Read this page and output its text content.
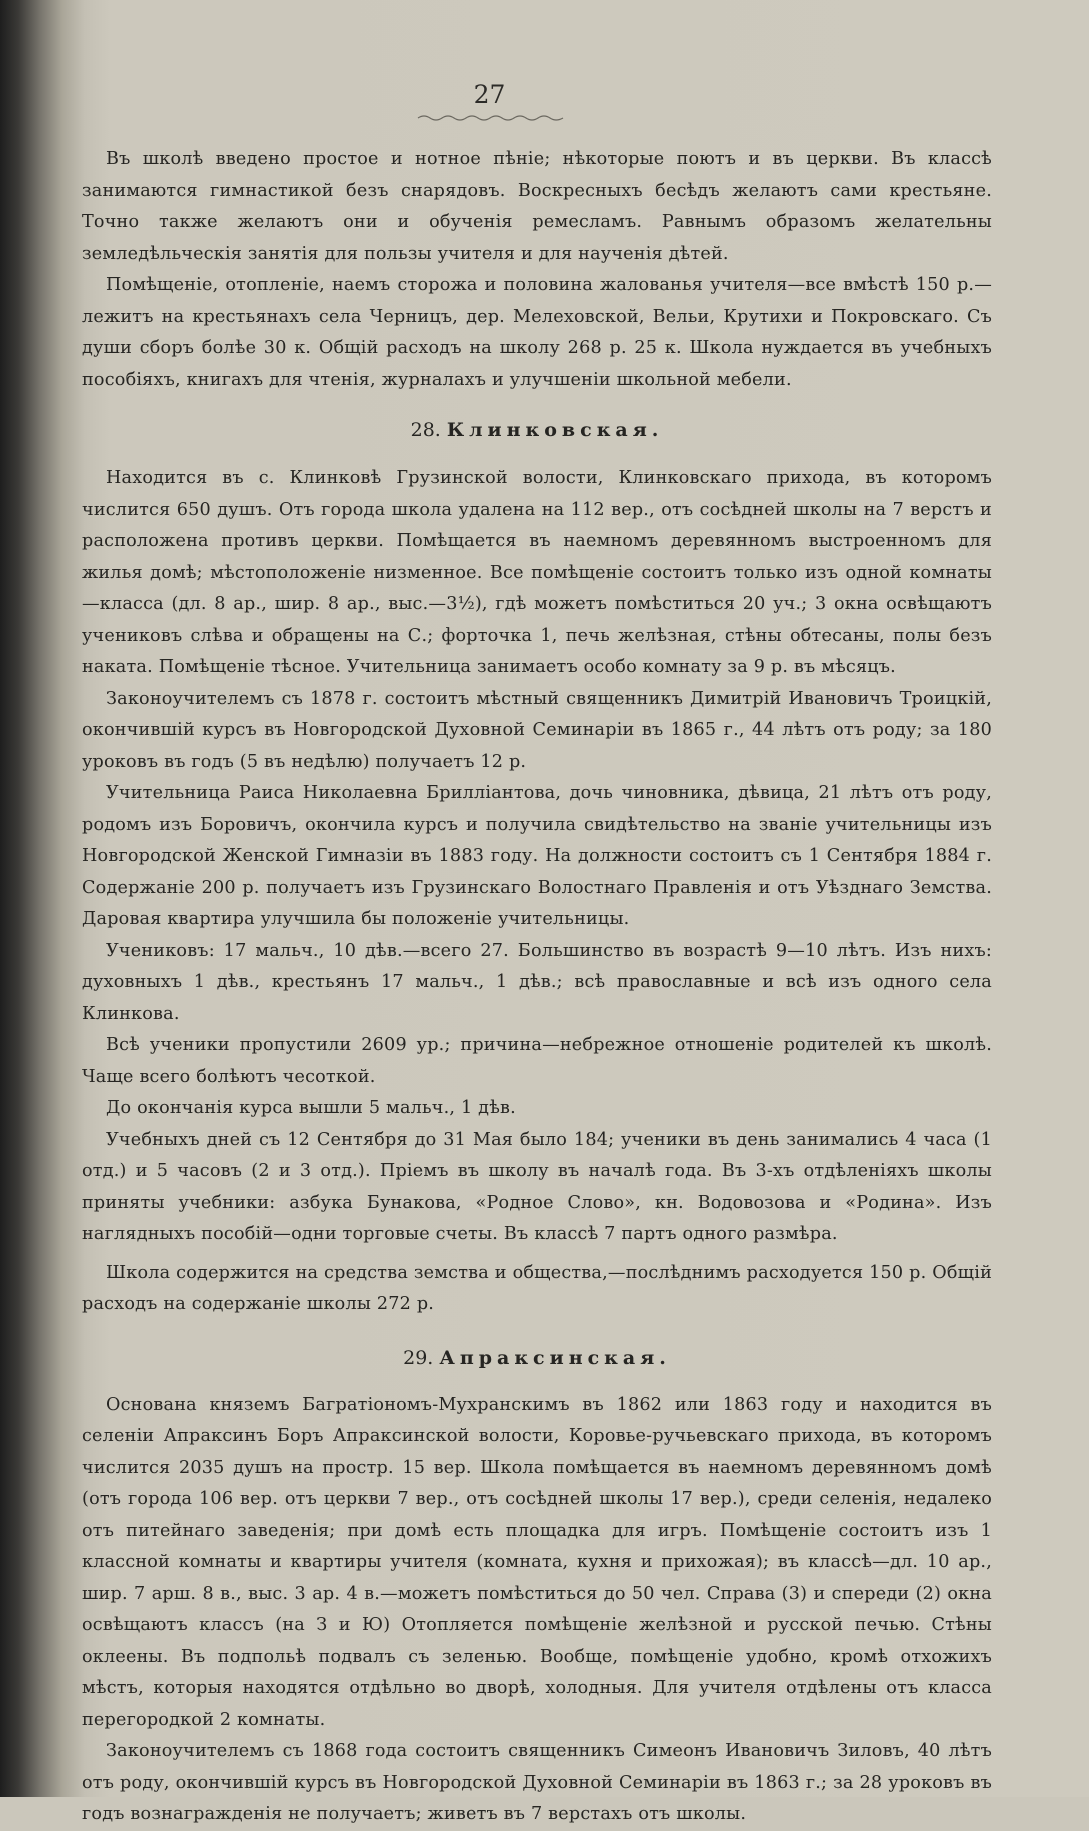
27

Въ школѣ введено простое и нотное пѣніе; нѣкоторые поютъ и въ церкви. Въ классѣ занимаются гимнастикой безъ снарядовъ. Воскресныхъ бесѣдъ желаютъ сами крестьяне. Точно также желаютъ они и обученія ремесламъ. Равнымъ образомъ желательны земледѣльческія занятія для пользы учителя и для наученія дѣтей.

Помѣщеніе, отопленіе, наемъ сторожа и половина жалованья учителя—все вмѣстѣ 150 р.—лежитъ на крестьянахъ села Черницъ, дер. Мелеховской, Вельи, Крутихи и Покровскаго. Съ души сборъ болѣе 30 к. Общій расходъ на школу 268 р. 25 к. Школа нуждается въ учебныхъ пособіяхъ, книгахъ для чтенія, журналахъ и улучшеніи школьной мебели.

28. Клинковская.

Находится въ с. Клинковѣ Грузинской волости, Клинковскаго прихода, въ которомъ числится 650 душъ. Отъ города школа удалена на 112 вер., отъ сосѣдней школы на 7 верстъ и расположена противъ церкви. Помѣщается въ наемномъ деревянномъ выстроенномъ для жилья домѣ; мѣстоположеніе низменное. Все помѣщеніе состоитъ только изъ одной комнаты—класса (дл. 8 ар., шир. 8 ар., выс.—3½), гдѣ можетъ помѣститься 20 уч.; 3 окна освѣщаютъ учениковъ слѣва и обращены на С.; форточка 1, печь желѣзная, стѣны обтесаны, полы безъ наката. Помѣщеніе тѣсное. Учительница занимаетъ особо комнату за 9 р. въ мѣсяцъ.

Законоучителемъ съ 1878 г. состоитъ мѣстный священникъ Димитрій Ивановичъ Троицкій, окончившій курсъ въ Новгородской Духовной Семинаріи въ 1865 г., 44 лѣтъ отъ роду; за 180 уроковъ въ годъ (5 въ недѣлю) получаетъ 12 р.

Учительница Раиса Николаевна Бриллiантова, дочь чиновника, дѣвица, 21 лѣтъ отъ роду, родомъ изъ Боровичъ, окончила курсъ и получила свидѣтельство на званіе учительницы изъ Новгородской Женской Гимназіи въ 1883 году. На должности состоитъ съ 1 Сентября 1884 г. Содержаніе 200 р. получаетъ изъ Грузинскаго Волостнаго Правленія и отъ Уѣзднаго Земства. Даровая квартира улучшила бы положеніе учительницы.

Учениковъ: 17 мальч., 10 дѣв.—всего 27. Большинство въ возрастѣ 9—10 лѣтъ. Изъ нихъ: духовныхъ 1 дѣв., крестьянъ 17 мальч., 1 дѣв.; всѣ православные и всѣ изъ одного села Клинкова.

Всѣ ученики пропустили 2609 ур.; причина—небрежное отношеніе родителей къ школѣ. Чаще всего болѣютъ чесоткой.

До окончанія курса вышли 5 мальч., 1 дѣв.

Учебныхъ дней съ 12 Сентября до 31 Мая было 184; ученики въ день занимались 4 часа (1 отд.) и 5 часовъ (2 и 3 отд.). Пріемъ въ школу въ началѣ года. Въ 3-хъ отдѣленіяхъ школы приняты учебники: азбука Бунакова, «Родное Слово», кн. Водовозова и «Родина». Изъ наглядныхъ пособій—одни торговые счеты. Въ классѣ 7 партъ одного размѣра.

Школа содержится на средства земства и общества,—послѣднимъ расходуется 150 р. Общій расходъ на содержаніе школы 272 р.

29. Апраксинская.

Основана княземъ Багратіономъ-Мухранскимъ въ 1862 или 1863 году и находится въ селеніи Апраксинъ Боръ Апраксинской волости, Коровье-ручьевскаго прихода, въ которомъ числится 2035 душъ на простр. 15 вер. Школа помѣщается въ наемномъ деревянномъ домѣ (отъ города 106 вер. отъ церкви 7 вер., отъ сосѣдней школы 17 вер.), среди селенія, недалеко отъ питейнаго заведенія; при домѣ есть площадка для игръ. Помѣщеніе состоитъ изъ 1 классной комнаты и квартиры учителя (комната, кухня и прихожая); въ классѣ—дл. 10 ар., шир. 7 арш. 8 в., выс. 3 ар. 4 в.—можетъ помѣститься до 50 чел. Справа (3) и спереди (2) окна освѣщаютъ классъ (на З и Ю) Отопляется помѣщеніе желѣзной и русской печью. Стѣны оклеены. Въ подпольѣ подвалъ съ зеленью. Вообще, помѣщеніе удобно, кромѣ отхожихъ мѣстъ, которыя находятся отдѣльно во дворѣ, холодныя. Для учителя отдѣлены отъ класса перегородкой 2 комнаты.

Законоучителемъ съ 1868 года состоитъ священникъ Симеонъ Ивановичъ Зиловъ, 40 лѣтъ отъ роду, окончившій курсъ въ Новгородской Духовной Семинаріи въ 1863 г.; за 28 уроковъ въ годъ вознагражденія не получаетъ; живетъ въ 7 верстахъ отъ школы.
